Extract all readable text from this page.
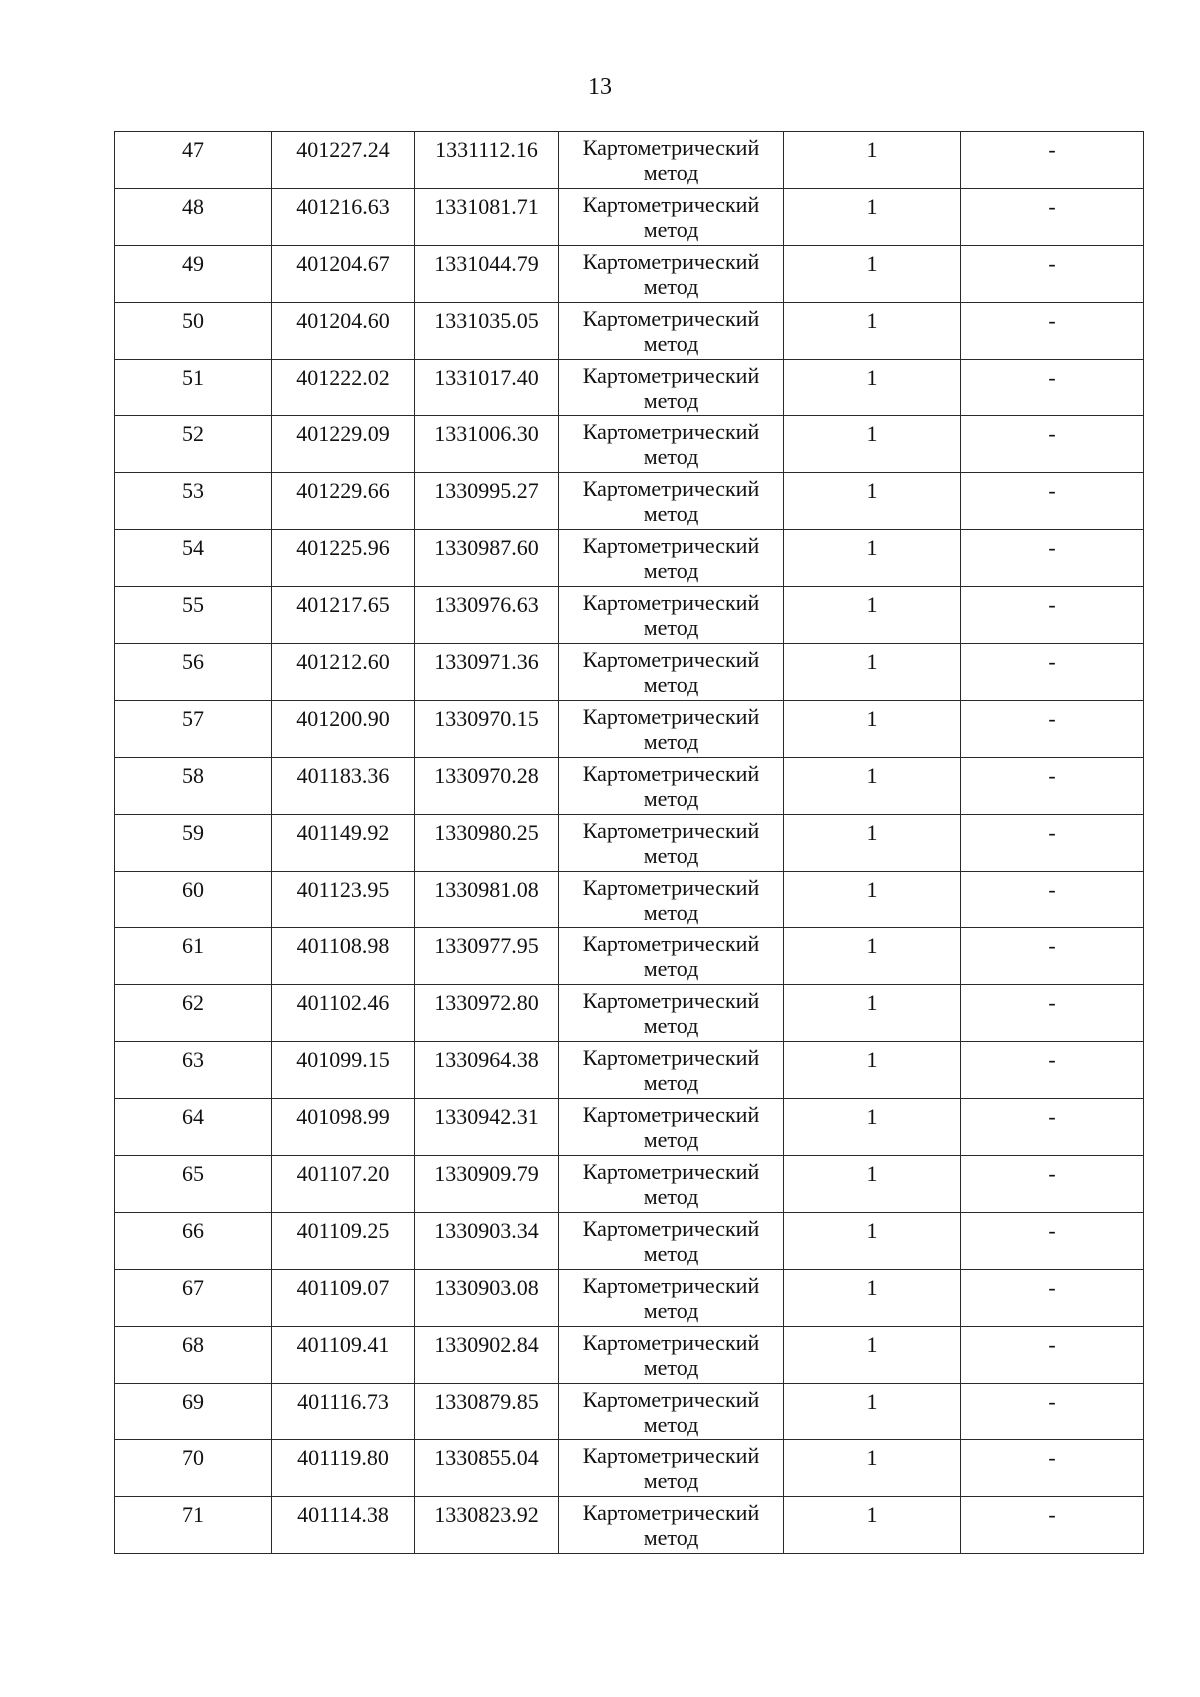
13
47	401227.24	1331112.16	Картометрический метод	1	-

48	401216.63	1331081.71	Картометрический метод	1	-

49	401204.67	1331044.79	Картометрический метод	1	-

50	401204.60	1331035.05	Картометрический метод	1	-

51	401222.02	1331017.40	Картометрический метод	1	-

52	401229.09	1331006.30	Картометрический метод	1	-

53	401229.66	1330995.27	Картометрический метод	1	-

54	401225.96	1330987.60	Картометрический метод	1	-

55	401217.65	1330976.63	Картометрический метод	1	-

56	401212.60	1330971.36	Картометрический метод	1	-

57	401200.90	1330970.15	Картометрический метод	1	-

58	401183.36	1330970.28	Картометрический метод	1	-

59	401149.92	1330980.25	Картометрический метод	1	-

60	401123.95	1330981.08	Картометрический метод	1	-

61	401108.98	1330977.95	Картометрический метод	1	-

62	401102.46	1330972.80	Картометрический метод	1	-

63	401099.15	1330964.38	Картометрический метод	1	-

64	401098.99	1330942.31	Картометрический метод	1	-

65	401107.20	1330909.79	Картометрический метод	1	-

66	401109.25	1330903.34	Картометрический метод	1	-

67	401109.07	1330903.08	Картометрический метод	1	-

68	401109.41	1330902.84	Картометрический метод	1	-

69	401116.73	1330879.85	Картометрический метод	1	-

70	401119.80	1330855.04	Картометрический метод	1	-

71	401114.38	1330823.92	Картометрический метод	1	-
